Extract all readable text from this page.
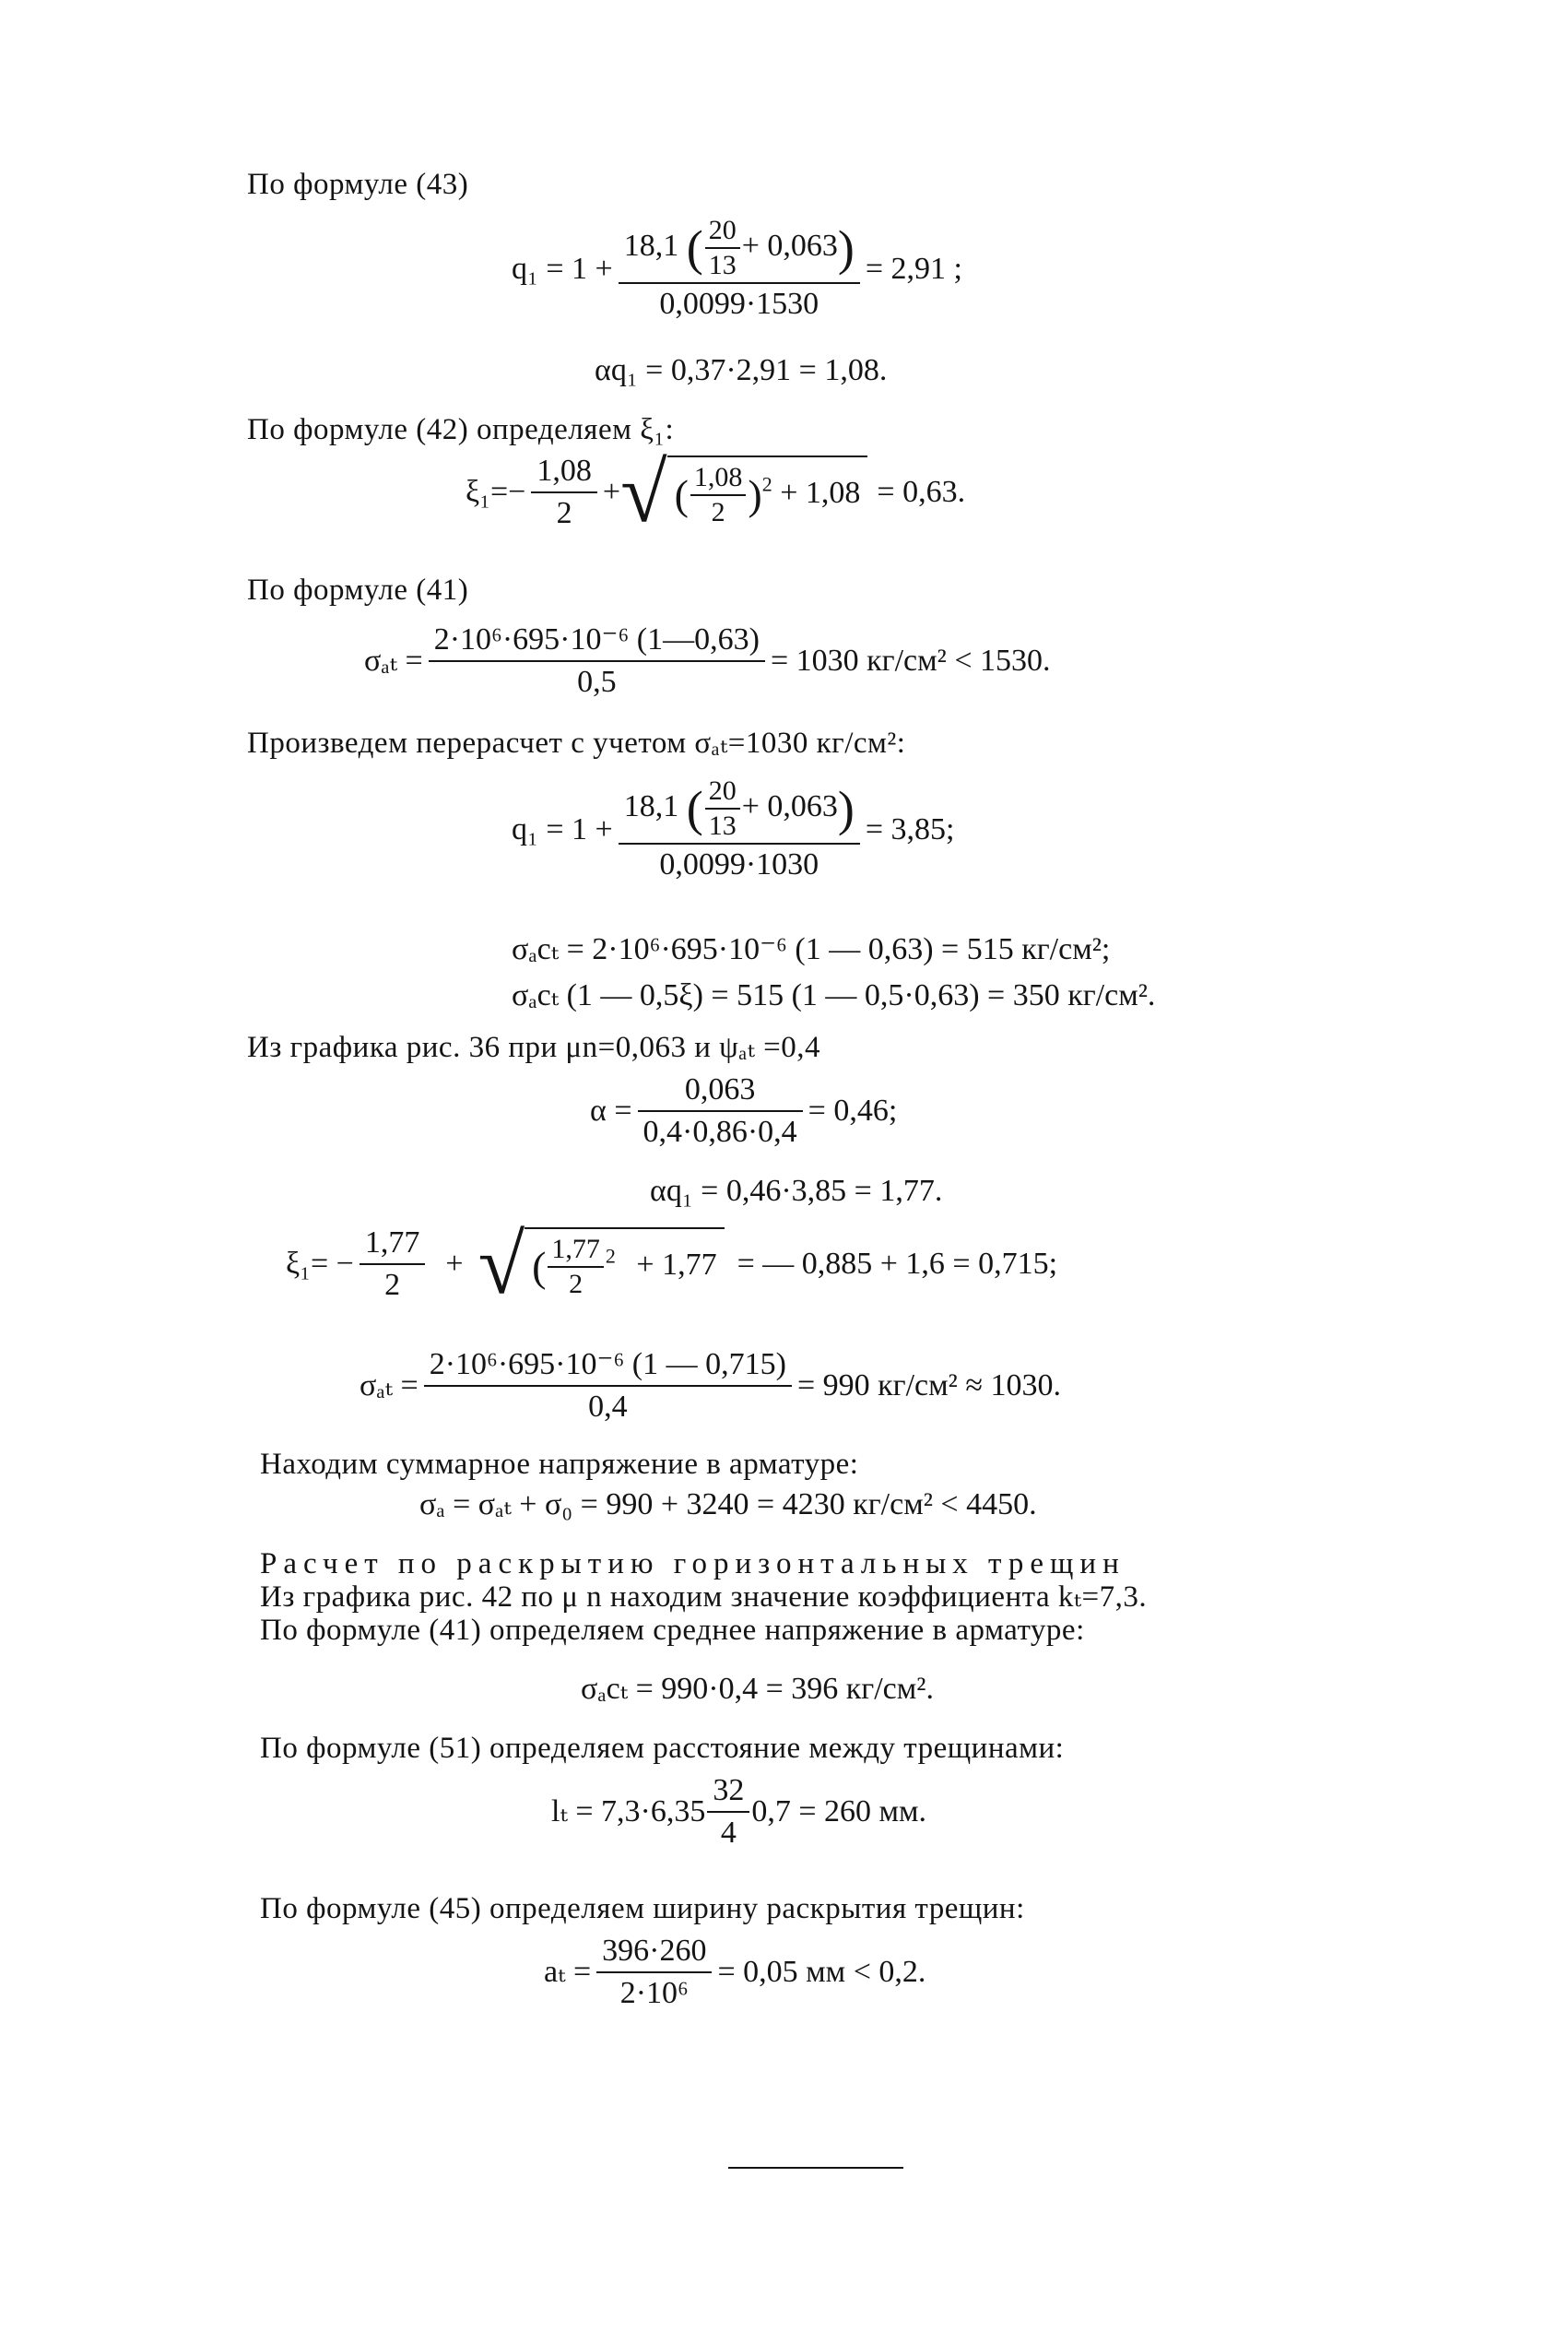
По формуле (43)
$q_1 = 1 + \frac{18,1 ( \frac{20}{13} + 0,063)}{0,0099\cdot 1530} = 2,91$ ;
αq₁ = 0,37·2,91 = 1,08.
По формуле (42) определяем ξ₁:
$\xi_1=- \frac{1,08}{2}$ + √ ( $\frac{1,08}{2} )^2 + 1,08 = 0,63$.
По формуле (41)
$\sigma_{at} = \frac{\text{2·10⁶·695·10⁻⁶ (1—0,63)}}{0,5} = 1030$ кг/см² < 1530.
Произведем перерасчет с учетом σₐₜ=1030 кг/см²:
$q_1 = 1 + \frac{18,1 ( \frac{20}{13} + 0,063)}{0,0099\cdot 1030} = 3,85$;
σₐcₜ = 2·10⁶·695·10⁻⁶ (1 — 0,63) = 515 кг/см²;
σₐcₜ (1 — 0,5ξ) = 515 (1 — 0,5·0,63) = 350 кг/см².
Из графика рис. 36 при μn=0,063 и ψₐₜ =0,4
$\alpha = \frac{0,063}{0,4\cdot 0,86\cdot 0,4} = 0,46$;
αq₁ = 0,46·3,85 = 1,77.
$\xi_1= - \frac{1,77}{2}$ + √ ( $\frac{1,77}{2} ^2 + 1,77$ = — 0,885 + 1,6 = 0,715;
$\sigma_{at} = \frac{\text{2·10⁶·695·10⁻⁶ (1 — 0,715)}}{0,4} = 990$ кг/см² ≈ 1030.
Находим суммарное напряжение в арматуре:
σₐ = σₐₜ + σ₀ = 990 + 3240 = 4230 кг/см² < 4450.
Расчет по раскрытию горизонтальных трещин
Из графика рис. 42 по μ n находим значение коэффициента kₜ=7,3.
По формуле (41) определяем среднее напряжение в арматуре:
σₐcₜ = 990·0,4 = 396 кг/см².
По формуле (51) определяем расстояние между трещинами:
$l_t = 7,3\cdot 6,35 \frac{32}{4} 0,7 = 260$ мм.
По формуле (45) определяем ширину раскрытия трещин:
$a_t = \frac{396\cdot 260}{\text{2·10⁶}} = 0,05$ мм < 0,2.
